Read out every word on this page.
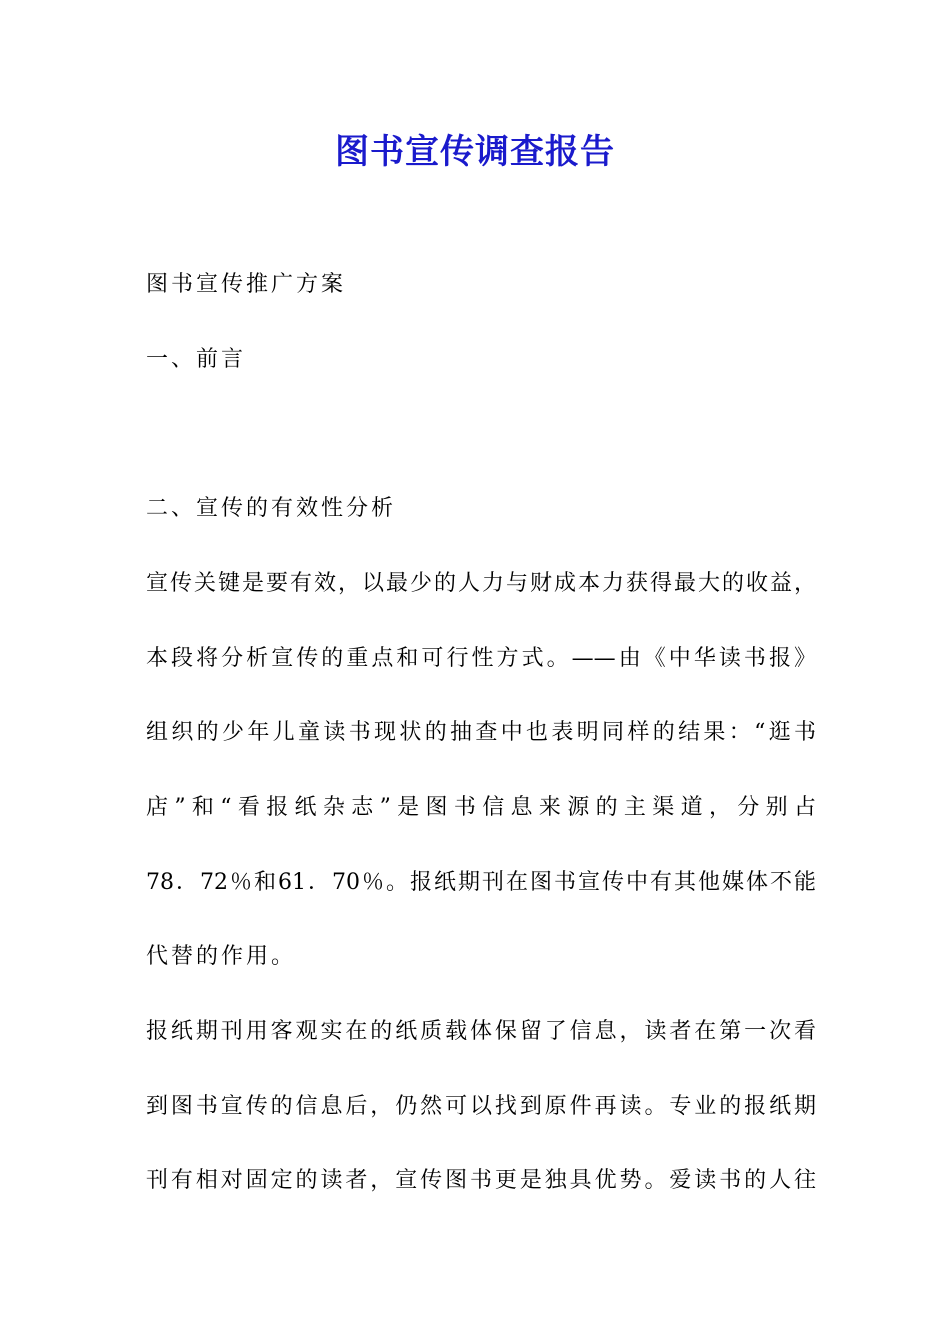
图书宣传调查报告

图书宣传推广方案

一、前言

二、宣传的有效性分析

宣传关键是要有效，以最少的人力与财成本力获得最大的收益，

本段将分析宣传的重点和可行性方式。——由《中华读书报》

组织的少年儿童读书现状的抽查中也表明同样的结果：“逛书

店”和“看报纸杂志”是图书信息来源的主渠道，分别占

78．72％和61．70％。报纸期刊在图书宣传中有其他媒体不能

代替的作用。

报纸期刊用客观实在的纸质载体保留了信息，读者在第一次看

到图书宣传的信息后，仍然可以找到原件再读。专业的报纸期

刊有相对固定的读者，宣传图书更是独具优势。爱读书的人往
